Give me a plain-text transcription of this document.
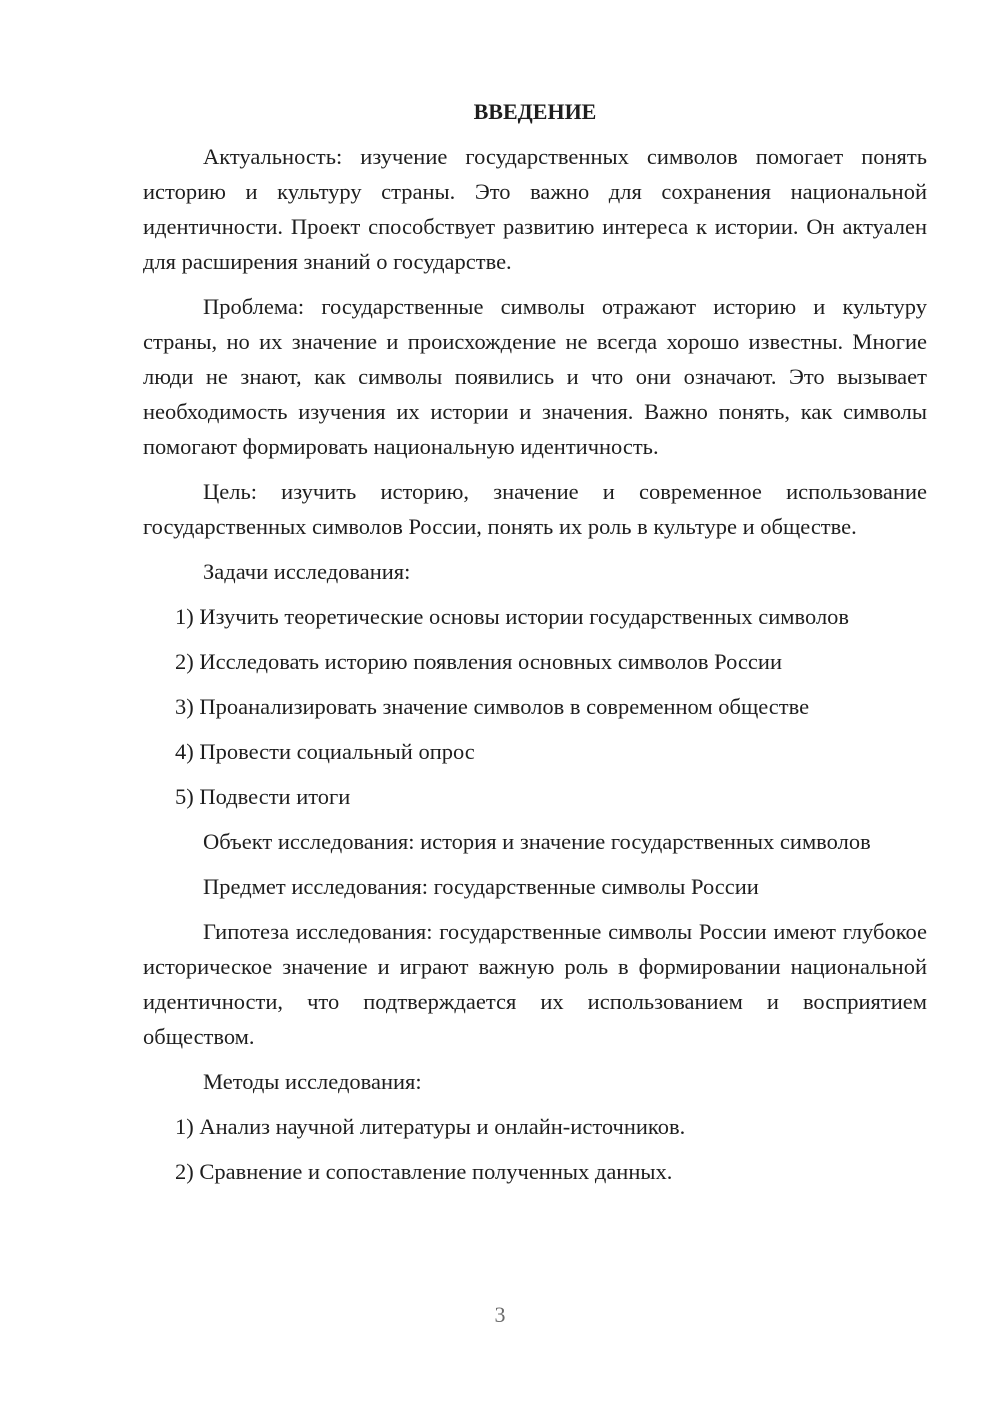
ВВЕДЕНИЕ

Актуальность: изучение государственных символов помогает понять историю и культуру страны. Это важно для сохранения национальной идентичности. Проект способствует развитию интереса к истории. Он актуален для расширения знаний о государстве.

Проблема: государственные символы отражают историю и культуру страны, но их значение и происхождение не всегда хорошо известны. Многие люди не знают, как символы появились и что они означают. Это вызывает необходимость изучения их истории и значения. Важно понять, как символы помогают формировать национальную идентичность.

Цель: изучить историю, значение и современное использование государственных символов России, понять их роль в культуре и обществе.

Задачи исследования:

1) Изучить теоретические основы истории государственных символов

2) Исследовать историю появления основных символов России

3) Проанализировать значение символов в современном обществе

4) Провести социальный опрос

5) Подвести итоги

Объект исследования: история и значение государственных символов

Предмет исследования: государственные символы России

Гипотеза исследования: государственные символы России имеют глубокое историческое значение и играют важную роль в формировании национальной идентичности, что подтверждается их использованием и восприятием обществом.

Методы исследования:

1) Анализ научной литературы и онлайн-источников.

2) Сравнение и сопоставление полученных данных.

3
